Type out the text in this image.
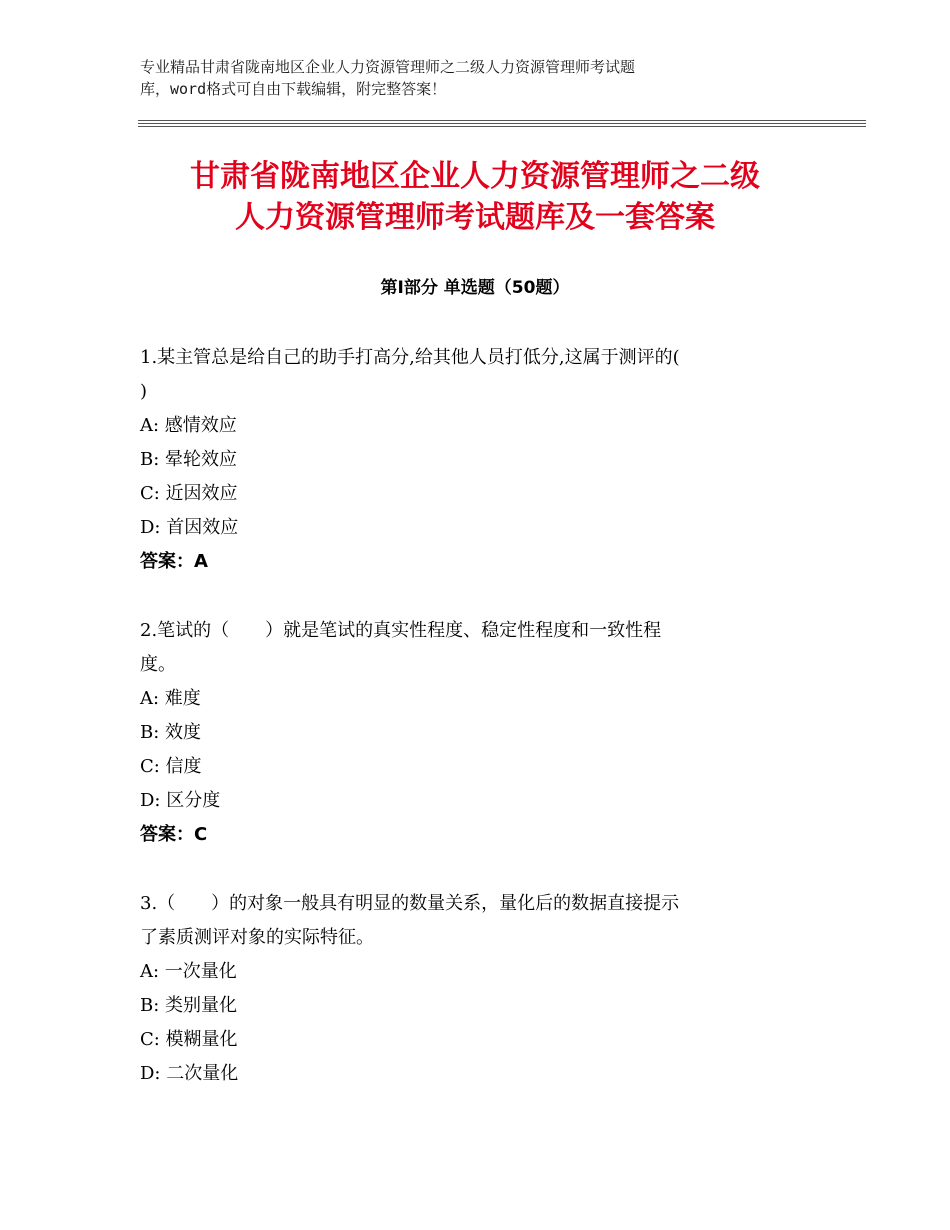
专业精品甘肃省陇南地区企业人力资源管理师之二级人力资源管理师考试题
库，word格式可自由下载编辑，附完整答案！
甘肃省陇南地区企业人力资源管理师之二级
人力资源管理师考试题库及一套答案
第Ⅰ部分 单选题（50题）
1.某主管总是给自己的助手打高分,给其他人员打低分,这属于测评的(
)
A: 感情效应
B: 晕轮效应
C: 近因效应
D: 首因效应
答案：A
2.笔试的（　　）就是笔试的真实性程度、稳定性程度和一致性程
度。
A: 难度
B: 效度
C: 信度
D: 区分度
答案：C
3.（　　）的对象一般具有明显的数量关系，量化后的数据直接提示
了素质测评对象的实际特征。
A: 一次量化
B: 类别量化
C: 模糊量化
D: 二次量化
